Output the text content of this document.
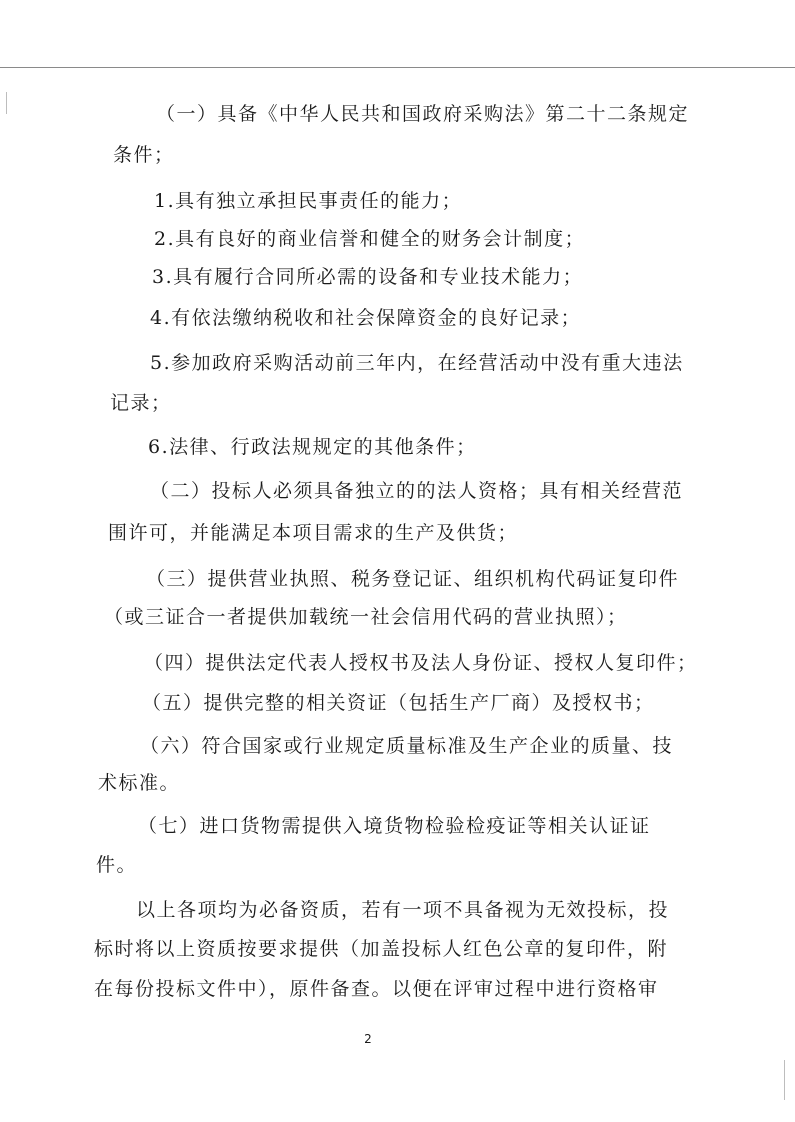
（一）具备《中华人民共和国政府采购法》第二十二条规定

条件；

1.具有独立承担民事责任的能力；

2.具有良好的商业信誉和健全的财务会计制度；

3.具有履行合同所必需的设备和专业技术能力；

4.有依法缴纳税收和社会保障资金的良好记录；

5.参加政府采购活动前三年内，在经营活动中没有重大违法

记录；

6.法律、行政法规规定的其他条件；

（二）投标人必须具备独立的的法人资格；具有相关经营范

围许可，并能满足本项目需求的生产及供货；

（三）提供营业执照、税务登记证、组织机构代码证复印件

（或三证合一者提供加载统一社会信用代码的营业执照）；

（四）提供法定代表人授权书及法人身份证、授权人复印件；

（五）提供完整的相关资证（包括生产厂商）及授权书；

（六）符合国家或行业规定质量标准及生产企业的质量、技

术标准。

（七）进口货物需提供入境货物检验检疫证等相关认证证

件。

以上各项均为必备资质，若有一项不具备视为无效投标，投

标时将以上资质按要求提供（加盖投标人红色公章的复印件，附

在每份投标文件中），原件备查。以便在评审过程中进行资格审

2
